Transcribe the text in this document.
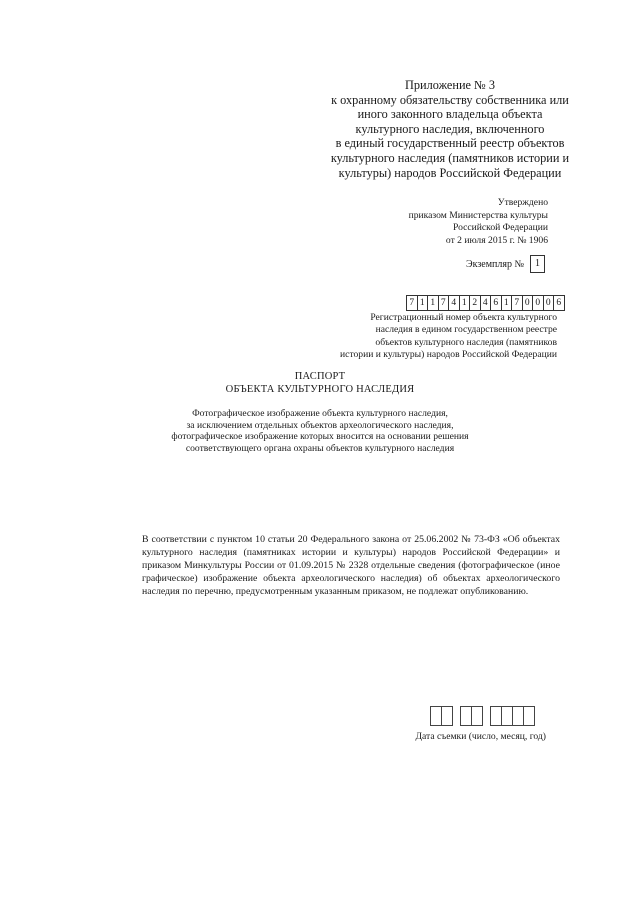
Приложение № 3
к охранному обязательству собственника или
иного законного владельца объекта
культурного наследия, включенного
в единый государственный реестр объектов
культурного наследия (памятников истории и
культуры) народов Российской Федерации
Утверждено
приказом Министерства культуры
Российской Федерации
от 2 июля 2015 г. № 1906
Экземпляр №	1
7 1 1 7 4 1 2 4 6 1 7 0 0 0 6
Регистрационный номер объекта культурного
наследия в едином государственном реестре
объектов культурного наследия (памятников
истории и культуры) народов Российской Федерации
ПАСПОРТ
ОБЪЕКТА КУЛЬТУРНОГО НАСЛЕДИЯ
Фотографическое изображение объекта культурного наследия,
за исключением отдельных объектов археологического наследия,
фотографическое изображение которых вносится на основании решения
соответствующего органа охраны объектов культурного наследия
В соответствии с пунктом 10 статьи 20 Федерального закона от 25.06.2002 № 73-ФЗ «Об объектах культурного наследия (памятниках истории и культуры) народов Российской Федерации» и приказом Минкультуры России от 01.09.2015 № 2328 отдельные сведения (фотографическое (иное графическое) изображение объекта археологического наследия) об объектах археологического наследия по перечню, предусмотренным указанным приказом, не подлежат опубликованию.
Дата съемки (число, месяц, год)
